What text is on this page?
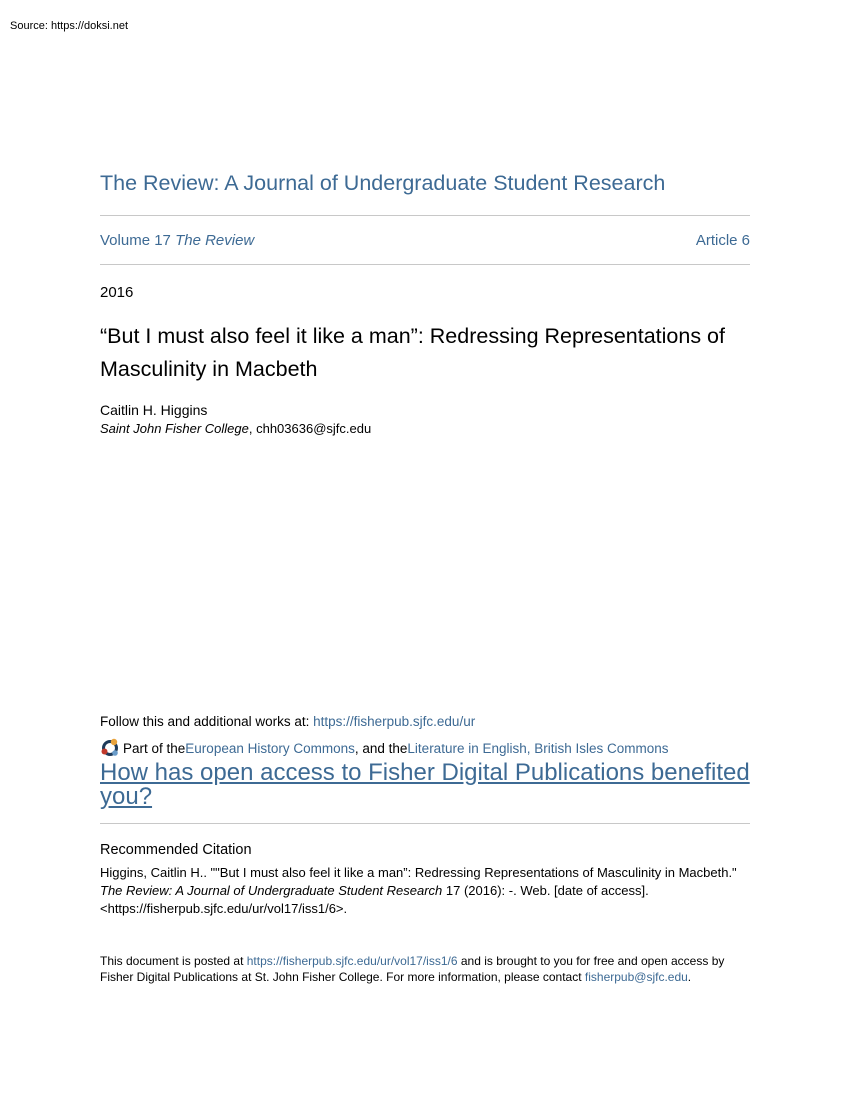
Source: https://doksi.net
The Review: A Journal of Undergraduate Student Research
Volume 17 The Review	Article 6
2016
“But I must also feel it like a man”: Redressing Representations of Masculinity in Macbeth
Caitlin H. Higgins
Saint John Fisher College, chh03636@sjfc.edu
Follow this and additional works at: https://fisherpub.sjfc.edu/ur
Part of the European History Commons , and the Literature in English, British Isles Commons
How has open access to Fisher Digital Publications benefited you?
Recommended Citation
Higgins, Caitlin H.. ""But I must also feel it like a man”: Redressing Representations of Masculinity in Macbeth." The Review: A Journal of Undergraduate Student Research 17 (2016): -. Web. [date of access]. <https://fisherpub.sjfc.edu/ur/vol17/iss1/6>.
This document is posted at https://fisherpub.sjfc.edu/ur/vol17/iss1/6 and is brought to you for free and open access by Fisher Digital Publications at St. John Fisher College. For more information, please contact fisherpub@sjfc.edu.
